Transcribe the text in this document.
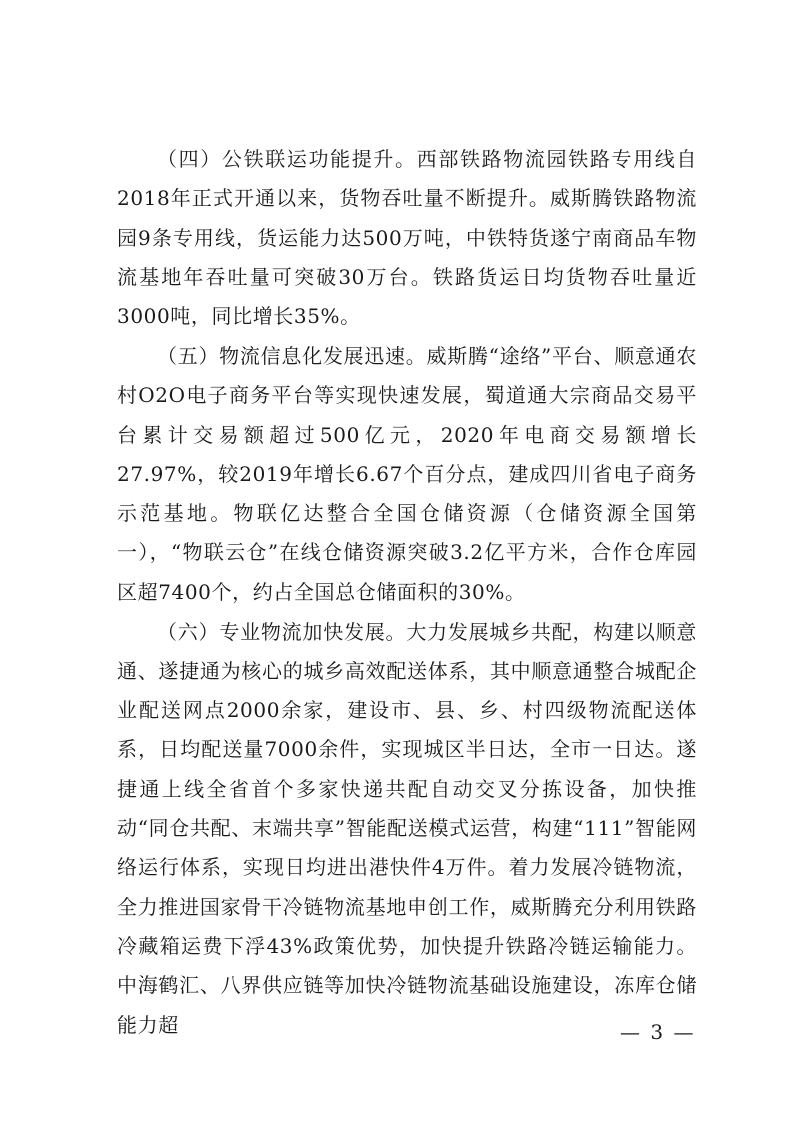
（四）公铁联运功能提升。西部铁路物流园铁路专用线自2018年正式开通以来，货物吞吐量不断提升。威斯腾铁路物流园9条专用线，货运能力达500万吨，中铁特货遂宁南商品车物流基地年吞吐量可突破30万台。铁路货运日均货物吞吐量近3000吨，同比增长35%。

（五）物流信息化发展迅速。威斯腾“途络”平台、顺意通农村O2O电子商务平台等实现快速发展，蜀道通大宗商品交易平台累计交易额超过500亿元，2020年电商交易额增长27.97%，较2019年增长6.67个百分点，建成四川省电子商务示范基地。物联亿达整合全国仓储资源（仓储资源全国第一），“物联云仓”在线仓储资源突破3.2亿平方米，合作仓库园区超7400个，约占全国总仓储面积的30%。

（六）专业物流加快发展。大力发展城乡共配，构建以顺意通、遂捷通为核心的城乡高效配送体系，其中顺意通整合城配企业配送网点2000余家，建设市、县、乡、村四级物流配送体系，日均配送量7000余件，实现城区半日达，全市一日达。遂捷通上线全省首个多家快递共配自动交叉分拣设备，加快推动“同仓共配、末端共享”智能配送模式运营，构建“111”智能网络运行体系，实现日均进出港快件4万件。着力发展冷链物流，全力推进国家骨干冷链物流基地申创工作，威斯腾充分利用铁路冷藏箱运费下浮43%政策优势，加快提升铁路冷链运输能力。中海鹤汇、八界供应链等加快冷链物流基础设施建设，冻库仓储能力超	— 3 —
